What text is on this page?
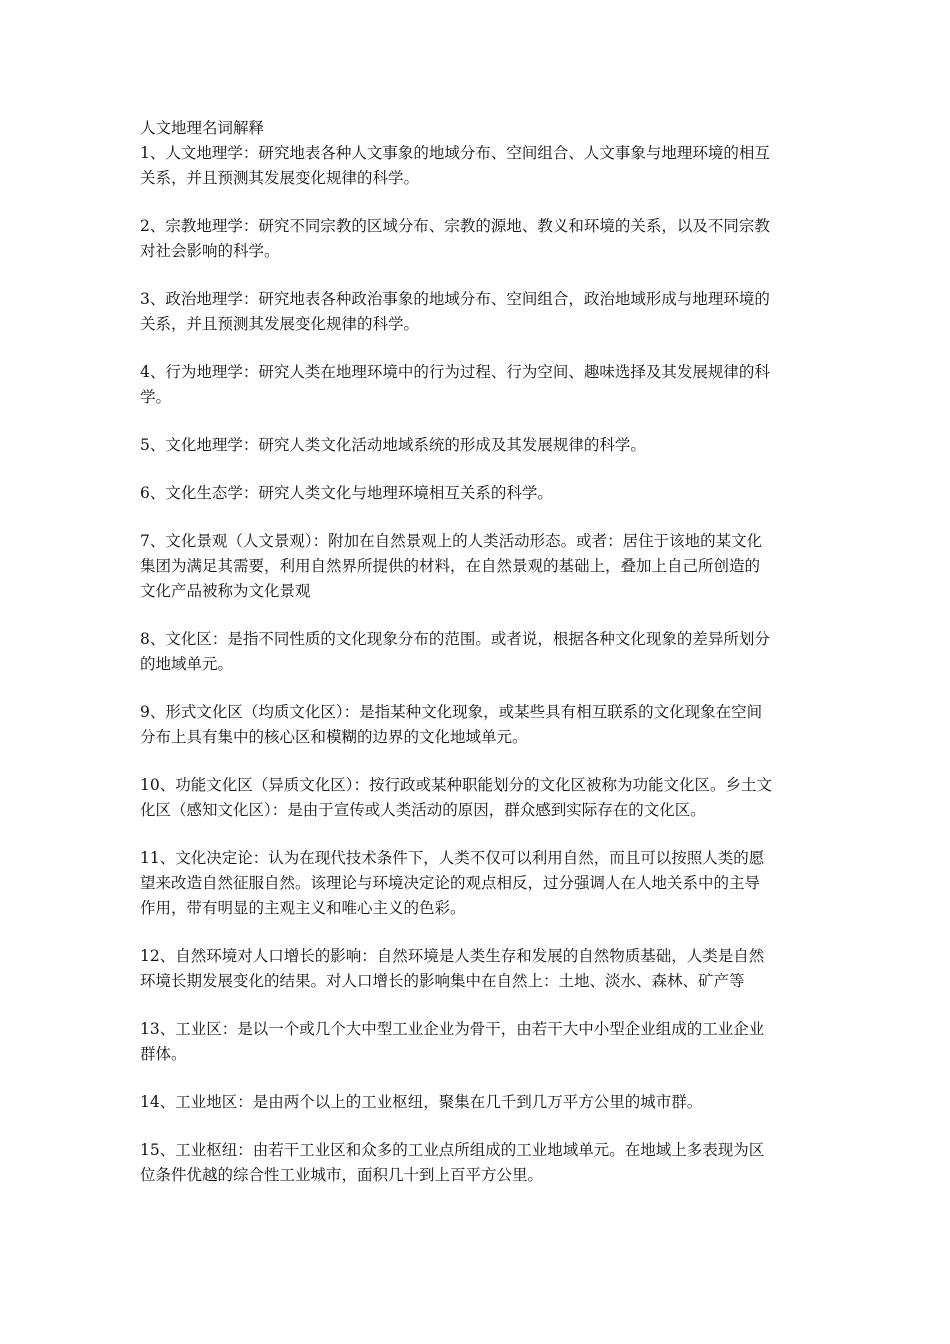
人文地理名词解释

1、人文地理学：研究地表各种人文事象的地域分布、空间组合、人文事象与地理环境的相互

关系，并且预测其发展变化规律的科学。

2、宗教地理学：研究不同宗教的区域分布、宗教的源地、教义和环境的关系，以及不同宗教

对社会影响的科学。

3、政治地理学：研究地表各种政治事象的地域分布、空间组合，政治地域形成与地理环境的

关系，并且预测其发展变化规律的科学。

4、行为地理学：研究人类在地理环境中的行为过程、行为空间、趣味选择及其发展规律的科

学。

5、文化地理学：研究人类文化活动地域系统的形成及其发展规律的科学。

6、文化生态学：研究人类文化与地理环境相互关系的科学。

7、文化景观（人文景观）：附加在自然景观上的人类活动形态。或者：居住于该地的某文化

集团为满足其需要，利用自然界所提供的材料，在自然景观的基础上，叠加上自己所创造的

文化产品被称为文化景观

8、文化区：是指不同性质的文化现象分布的范围。或者说，根据各种文化现象的差异所划分

的地域单元。

9、形式文化区（均质文化区）：是指某种文化现象，或某些具有相互联系的文化现象在空间

分布上具有集中的核心区和模糊的边界的文化地域单元。

10、功能文化区（异质文化区）：按行政或某种职能划分的文化区被称为功能文化区。乡土文

化区（感知文化区）：是由于宣传或人类活动的原因，群众感到实际存在的文化区。

11、文化决定论：认为在现代技术条件下，人类不仅可以利用自然，而且可以按照人类的愿

望来改造自然征服自然。该理论与环境决定论的观点相反，过分强调人在人地关系中的主导

作用，带有明显的主观主义和唯心主义的色彩。

12、自然环境对人口增长的影响：自然环境是人类生存和发展的自然物质基础，人类是自然

环境长期发展变化的结果。对人口增长的影响集中在自然上：土地、淡水、森林、矿产等

13、工业区：是以一个或几个大中型工业企业为骨干，由若干大中小型企业组成的工业企业

群体。

14、工业地区：是由两个以上的工业枢纽，聚集在几千到几万平方公里的城市群。

15、工业枢纽：由若干工业区和众多的工业点所组成的工业地域单元。在地域上多表现为区

位条件优越的综合性工业城市，面积几十到上百平方公里。
